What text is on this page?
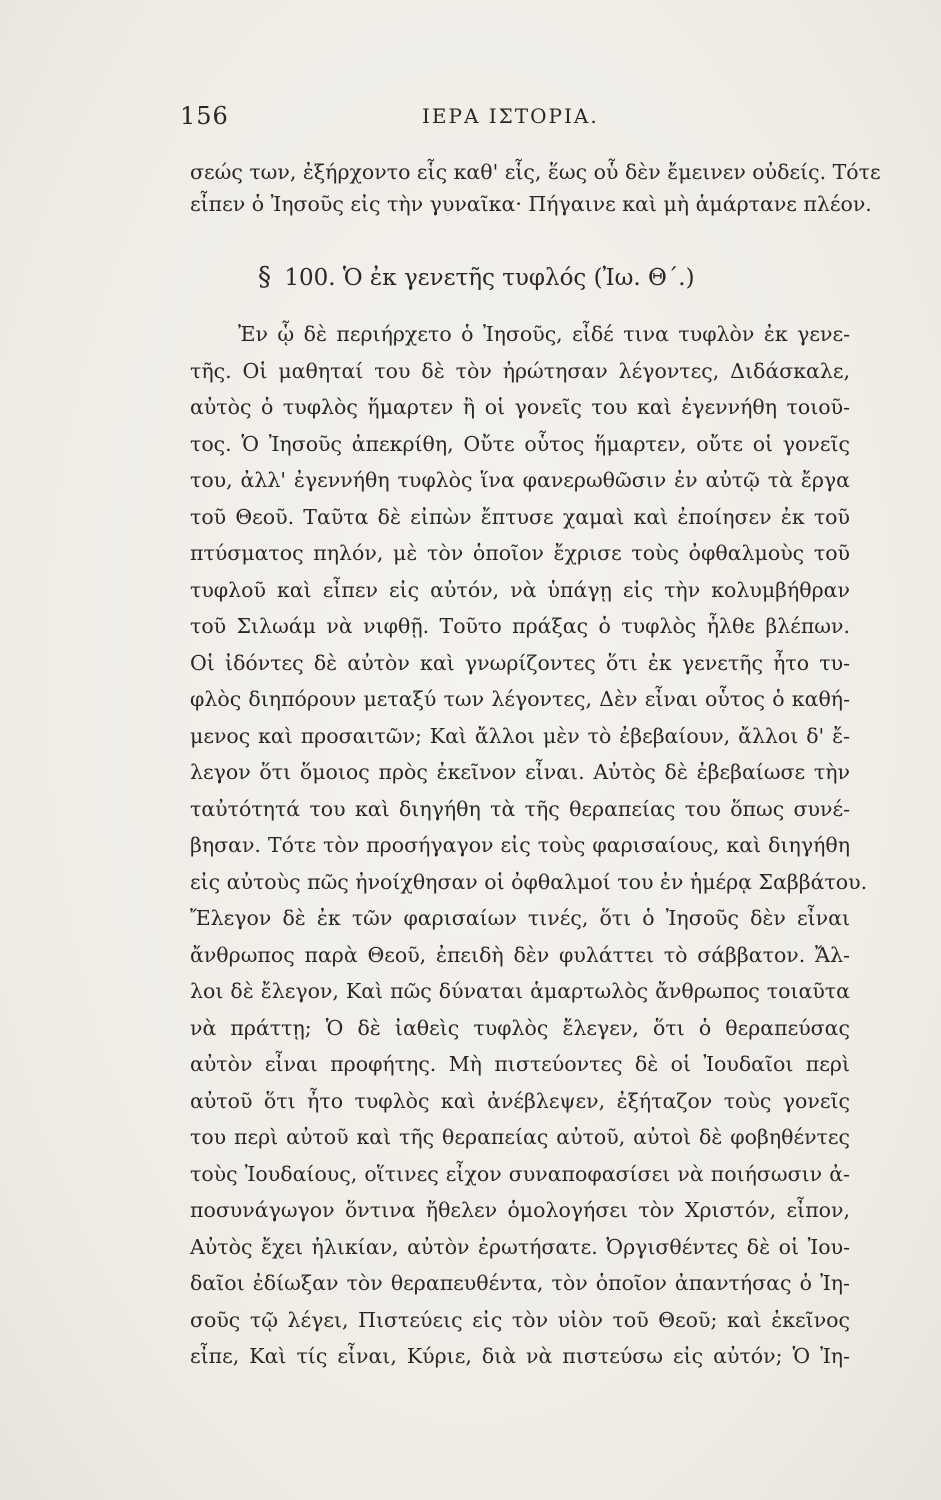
156	ΙΕΡΑ ΙΣΤΟΡΙΑ.
σεώς των, ἐξήρχοντο εἷς καθ' εἷς, ἕως οὗ δὲν ἔμεινεν οὐδείς. Τότε
εἶπεν ὁ Ἰησοῦς εἰς τὴν γυναῖκα· Πήγαινε καὶ μὴ ἁμάρτανε πλέον.
§ 100. Ὁ ἐκ γενετῆς τυφλός (Ἰω. Θ΄.)
Ἐν ᾧ δὲ περιήρχετο ὁ Ἰησοῦς, εἶδέ τινα τυφλὸν ἐκ γενε-
τῆς. Οἱ μαθηταί του δὲ τὸν ἠρώτησαν λέγοντες, Διδάσκαλε,
αὐτὸς ὁ τυφλὸς ἥμαρτεν ἢ οἱ γονεῖς του καὶ ἐγεννήθη τοιοῦ-
τος. Ὁ Ἰησοῦς ἀπεκρίθη, Οὔτε οὗτος ἥμαρτεν, οὔτε οἱ γονεῖς
του, ἀλλ' ἐγεννήθη τυφλὸς ἵνα φανερωθῶσιν ἐν αὐτῷ τὰ ἔργα
τοῦ Θεοῦ. Ταῦτα δὲ εἰπὼν ἔπτυσε χαμαὶ καὶ ἐποίησεν ἐκ τοῦ
πτύσματος πηλόν, μὲ τὸν ὁποῖον ἔχρισε τοὺς ὀφθαλμοὺς τοῦ
τυφλοῦ καὶ εἶπεν εἰς αὐτόν, νὰ ὑπάγῃ εἰς τὴν κολυμβήθραν
τοῦ Σιλωάμ νὰ νιφθῇ. Τοῦτο πράξας ὁ τυφλὸς ἦλθε βλέπων.
Οἱ ἰδόντες δὲ αὐτὸν καὶ γνωρίζοντες ὅτι ἐκ γενετῆς ἦτο τυ-
φλὸς διηπόρουν μεταξύ των λέγοντες, Δὲν εἶναι οὗτος ὁ καθή-
μενος καὶ προσαιτῶν; Καὶ ἄλλοι μὲν τὸ ἐβεβαίουν, ἄλλοι δ' ἔ-
λεγον ὅτι ὅμοιος πρὸς ἐκεῖνον εἶναι. Αὐτὸς δὲ ἐβεβαίωσε τὴν
ταὐτότητά του καὶ διηγήθη τὰ τῆς θεραπείας του ὅπως συνέ-
βησαν. Τότε τὸν προσήγαγον εἰς τοὺς φαρισαίους, καὶ διηγήθη
εἰς αὐτοὺς πῶς ἠνοίχθησαν οἱ ὀφθαλμοί του ἐν ἡμέρᾳ Σαββάτου.
Ἔλεγον δὲ ἐκ τῶν φαρισαίων τινές, ὅτι ὁ Ἰησοῦς δὲν εἶναι
ἄνθρωπος παρὰ Θεοῦ, ἐπειδὴ δὲν φυλάττει τὸ σάββατον. Ἄλ-
λοι δὲ ἔλεγον, Καὶ πῶς δύναται ἁμαρτωλὸς ἄνθρωπος τοιαῦτα
νὰ πράττῃ; Ὁ δὲ ἰαθεὶς τυφλὸς ἔλεγεν, ὅτι ὁ θεραπεύσας
αὐτὸν εἶναι προφήτης. Μὴ πιστεύοντες δὲ οἱ Ἰουδαῖοι περὶ
αὐτοῦ ὅτι ἦτο τυφλὸς καὶ ἀνέβλεψεν, ἐξήταζον τοὺς γονεῖς
του περὶ αὐτοῦ καὶ τῆς θεραπείας αὐτοῦ, αὐτοὶ δὲ φοβηθέντες
τοὺς Ἰουδαίους, οἵτινες εἶχον συναποφασίσει νὰ ποιήσωσιν ἀ-
ποσυνάγωγον ὅντινα ἤθελεν ὁμολογήσει τὸν Χριστόν, εἶπον,
Αὐτὸς ἔχει ἡλικίαν, αὐτὸν ἐρωτήσατε. Ὀργισθέντες δὲ οἱ Ἰου-
δαῖοι ἐδίωξαν τὸν θεραπευθέντα, τὸν ὁποῖον ἀπαντήσας ὁ Ἰη-
σοῦς τῷ λέγει, Πιστεύεις εἰς τὸν υἱὸν τοῦ Θεοῦ; καὶ ἐκεῖνος
εἶπε, Καὶ τίς εἶναι, Κύριε, διὰ νὰ πιστεύσω εἰς αὐτόν; Ὁ Ἰη-
